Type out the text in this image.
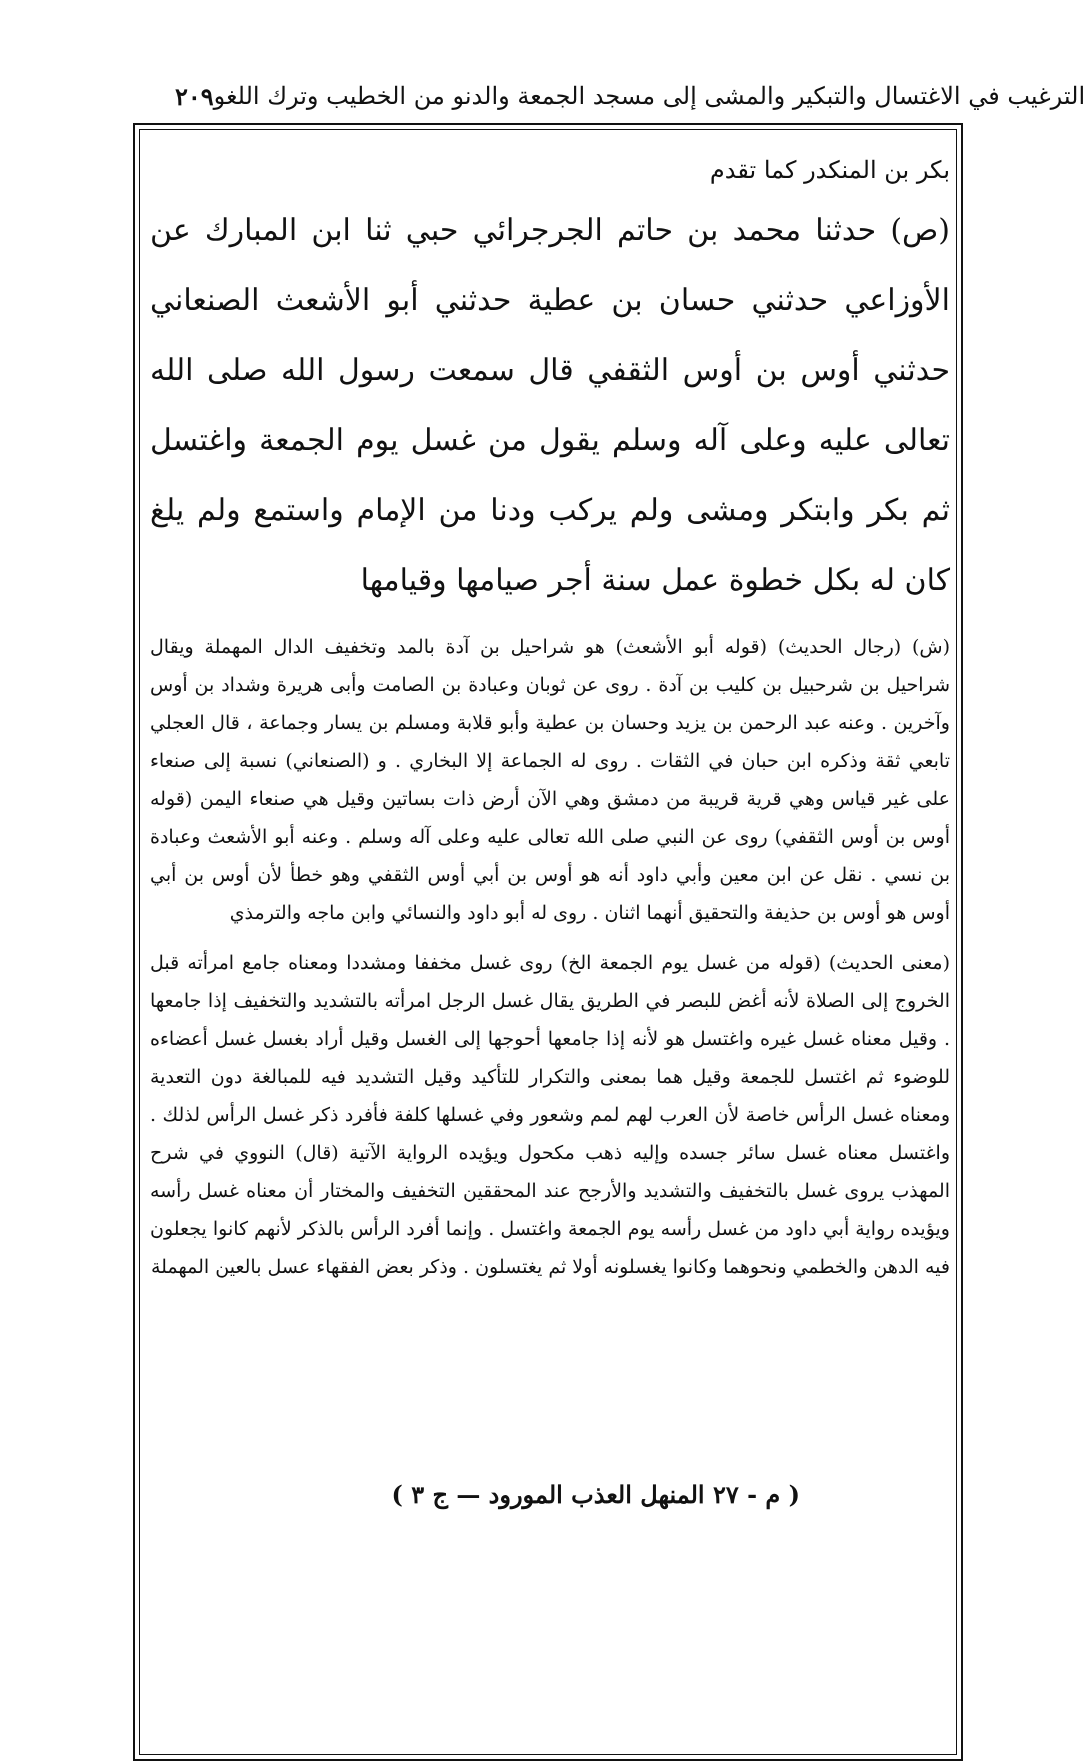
٢٠٩ الترغيب في الاغتسال والتبكير والمشى إلى مسجد الجمعة والدنو من الخطيب وترك اللغو

بكر بن المنكدر كما تقدم

(ص) حدثنا محمد بن حاتم الجرجرائي حبي ثنا ابن المبارك عن الأوزاعي حدثني حسان بن عطية حدثني أبو الأشعث الصنعاني حدثني أوس بن أوس الثقفي قال سمعت رسول الله صلى الله تعالى عليه وعلى آله وسلم يقول من غسل يوم الجمعة واغتسل ثم بكر وابتكر ومشى ولم يركب ودنا من الإمام واستمع ولم يلغ كان له بكل خطوة عمل سنة أجر صيامها وقيامها

(ش) (رجال الحديث) (قوله أبو الأشعث) هو شراحيل بن آدة بالمد وتخفيف الدال المهملة ويقال شراحيل بن شرحبيل بن كليب بن آدة . روى عن ثوبان وعبادة بن الصامت وأبى هريرة وشداد بن أوس وآخرين . وعنه عبد الرحمن بن يزيد وحسان بن عطية وأبو قلابة ومسلم بن يسار وجماعة ، قال العجلي تابعي ثقة وذكره ابن حبان في الثقات . روى له الجماعة إلا البخاري . و (الصنعاني) نسبة إلى صنعاء على غير قياس وهي قرية قريبة من دمشق وهي الآن أرض ذات بساتين وقيل هي صنعاء اليمن (قوله أوس بن أوس الثقفي) روى عن النبي صلى الله تعالى عليه وعلى آله وسلم . وعنه أبو الأشعث وعبادة بن نسي . نقل عن ابن معين وأبي داود أنه هو أوس بن أبي أوس الثقفي وهو خطأ لأن أوس بن أبي أوس هو أوس بن حذيفة والتحقيق أنهما اثنان . روى له أبو داود والنسائي وابن ماجه والترمذي

(معنى الحديث) (قوله من غسل يوم الجمعة الخ) روى غسل مخففا ومشددا ومعناه جامع امرأته قبل الخروج إلى الصلاة لأنه أغض للبصر في الطريق يقال غسل الرجل امرأته بالتشديد والتخفيف إذا جامعها . وقيل معناه غسل غيره واغتسل هو لأنه إذا جامعها أحوجها إلى الغسل وقيل أراد بغسل غسل أعضاءه للوضوء ثم اغتسل للجمعة وقيل هما بمعنى والتكرار للتأكيد وقيل التشديد فيه للمبالغة دون التعدية ومعناه غسل الرأس خاصة لأن العرب لهم لمم وشعور وفي غسلها كلفة فأفرد ذكر غسل الرأس لذلك . واغتسل معناه غسل سائر جسده وإليه ذهب مكحول ويؤيده الرواية الآتية (قال) النووي في شرح المهذب يروى غسل بالتخفيف والتشديد والأرجح عند المحققين التخفيف والمختار أن معناه غسل رأسه ويؤيده رواية أبي داود من غسل رأسه يوم الجمعة واغتسل . وإنما أفرد الرأس بالذكر لأنهم كانوا يجعلون فيه الدهن والخطمي ونحوهما وكانوا يغسلونه أولا ثم يغتسلون . وذكر بعض الفقهاء عسل بالعين المهملة

( م - ٢٧ المنهل العذب المورود — ج ٣ )
